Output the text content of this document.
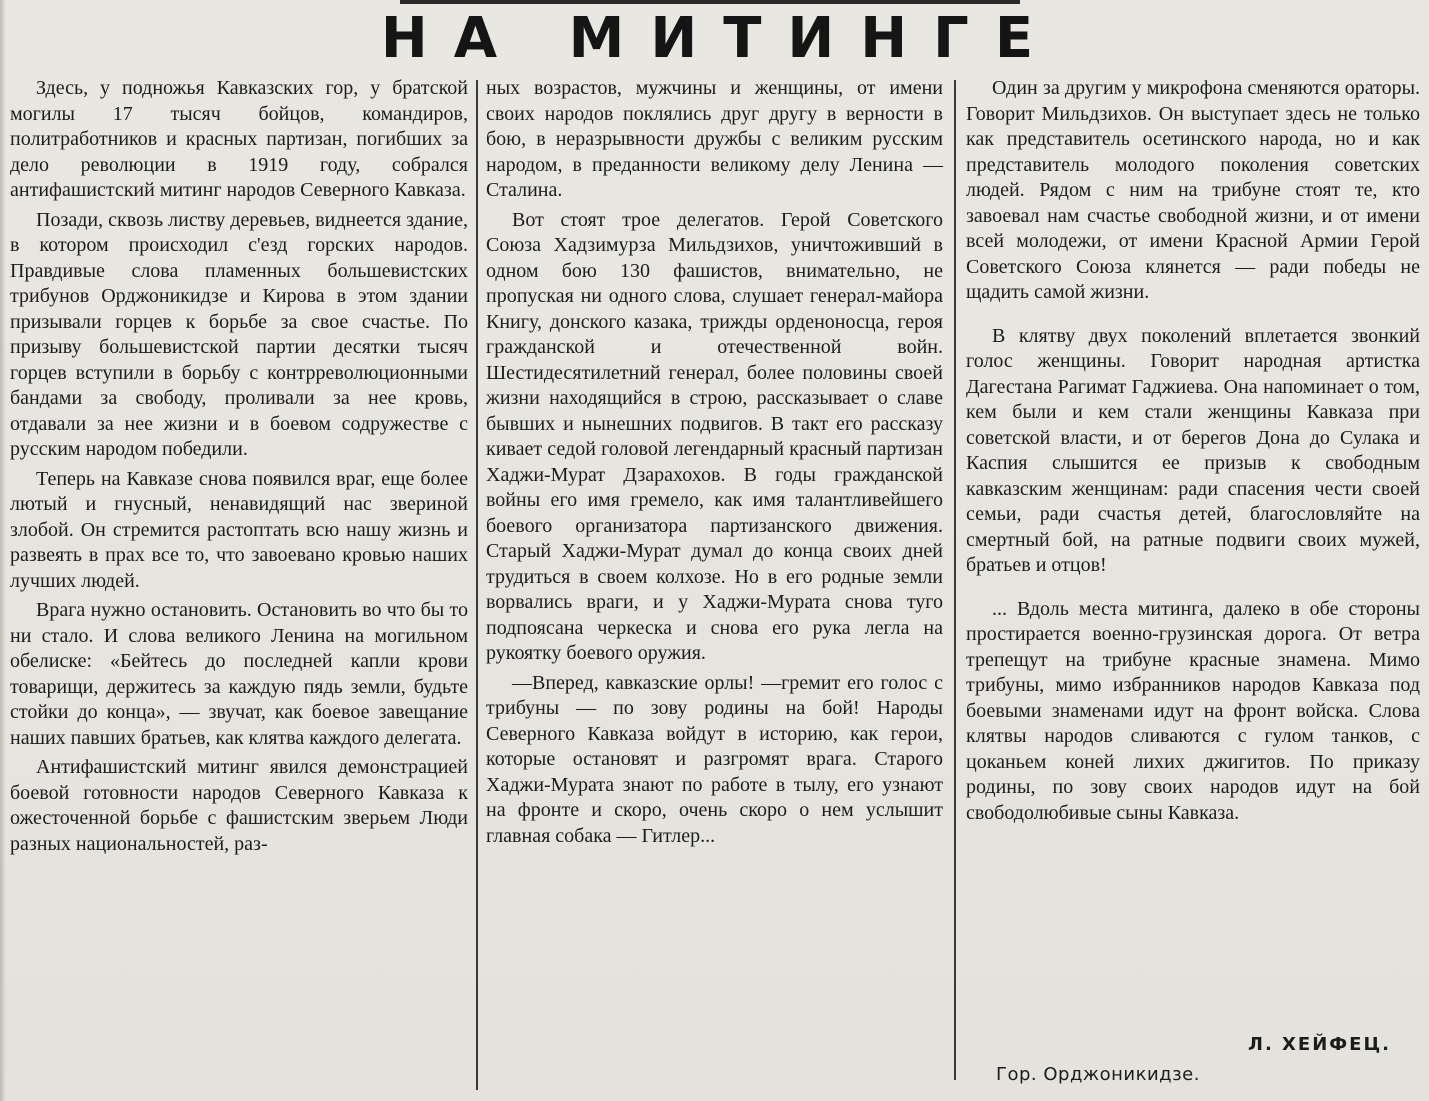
НА МИТИНГЕ

Здесь, у подножья Кавказских гор, у братской могилы 17 тысяч бойцов, командиров, политработников и красных партизан, погибших за дело революции в 1919 году, собрался антифашистский митинг народов Северного Кавказа.

Позади, сквозь листву деревьев, виднеется здание, в котором происходил с'езд горских народов. Правдивые слова пламенных большевистских трибунов Орджоникидзе и Кирова в этом здании призывали горцев к борьбе за свое счастье. По призыву большевистской партии десятки тысяч горцев вступили в борьбу с контрреволюционными бандами за свободу, проливали за нее кровь, отдавали за нее жизни и в боевом содружестве с русским народом победили.

Теперь на Кавказе снова появился враг, еще более лютый и гнусный, ненавидящий нас звериной злобой. Он стремится растоптать всю нашу жизнь и развеять в прах все то, что завоевано кровью наших лучших людей.

Врага нужно остановить. Остановить во что бы то ни стало. И слова великого Ленина на могильном обелиске: «Бейтесь до последней капли крови товарищи, держитесь за каждую пядь земли, будьте стойки до конца», — звучат, как боевое завещание наших павших братьев, как клятва каждого делегата.

Антифашистский митинг явился демонстрацией боевой готовности народов Северного Кавказа к ожесточенной борьбе с фашистским зверьем Люди разных национальностей, раз-

ных возрастов, мужчины и женщины, от имени своих народов поклялись друг другу в верности в бою, в неразрывности дружбы с великим русским народом, в преданности великому делу Ленина — Сталина.

Вот стоят трое делегатов. Герой Советского Союза Хадзимурза Мильдзихов, уничтоживший в одном бою 130 фашистов, внимательно, не пропуская ни одного слова, слушает генерал-майора Книгу, донского казака, трижды орденоносца, героя гражданской и отечественной войн. Шестидесятилетний генерал, более половины своей жизни находящийся в строю, рассказывает о славе бывших и нынешних подвигов. В такт его рассказу кивает седой головой легендарный красный партизан Хаджи-Мурат Дзарахохов. В годы гражданской войны его имя гремело, как имя талантливейшего боевого организатора партизанского движения. Старый Хаджи-Мурат думал до конца своих дней трудиться в своем колхозе. Но в его родные земли ворвались враги, и у Хаджи-Мурата снова туго подпоясана черкеска и снова его рука легла на рукоятку боевого оружия.

—Вперед, кавказские орлы! —гремит его голос с трибуны — по зову родины на бой! Народы Северного Кавказа войдут в историю, как герои, которые остановят и разгромят врага. Старого Хаджи-Мурата знают по работе в тылу, его узнают на фронте и скоро, очень скоро о нем услышит главная собака — Гитлер...

Один за другим у микрофона сменяются ораторы. Говорит Мильдзихов. Он выступает здесь не только как представитель осетинского народа, но и как представитель молодого поколения советских людей. Рядом с ним на трибуне стоят те, кто завоевал нам счастье свободной жизни, и от имени всей молодежи, от имени Красной Армии Герой Советского Союза клянется — ради победы не щадить самой жизни.

В клятву двух поколений вплетается звонкий голос женщины. Говорит народная артистка Дагестана Рагимат Гаджиева. Она напоминает о том, кем были и кем стали женщины Кавказа при советской власти, и от берегов Дона до Сулака и Каспия слышится ее призыв к свободным кавказским женщинам: ради спасения чести своей семьи, ради счастья детей, благословляйте на смертный бой, на ратные подвиги своих мужей, братьев и отцов!

... Вдоль места митинга, далеко в обе стороны простирается военно-грузинская дорога. От ветра трепещут на трибуне красные знамена. Мимо трибуны, мимо избранников народов Кавказа под боевыми знаменами идут на фронт войска. Слова клятвы народов сливаются с гулом танков, с цоканьем коней лихих джигитов. По приказу родины, по зову своих народов идут на бой свободолюбивые сыны Кавказа.

Л. ХЕЙФЕЦ.
Гор. Орджоникидзе.
